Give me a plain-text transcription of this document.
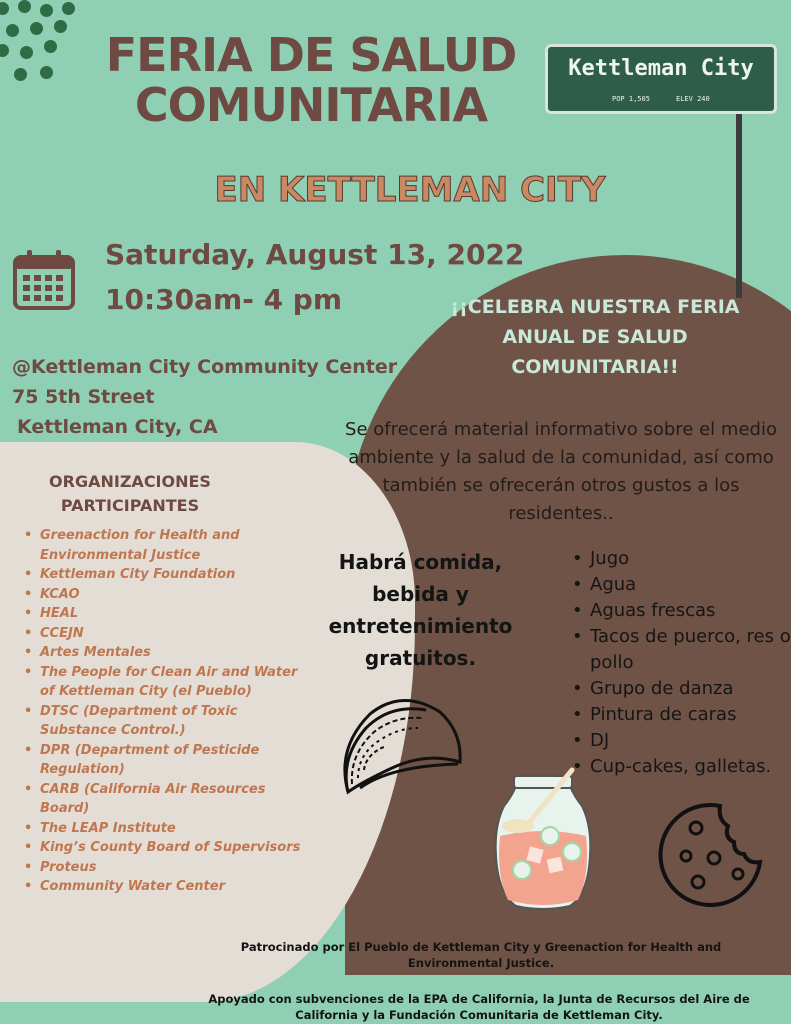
FERIA DE SALUD COMUNITARIA
EN KETTLEMAN CITY
Kettleman City
POP 1,505	ELEV 240
Saturday, August 13, 2022
10:30am- 4 pm	¡¡CELEBRA NUESTRA FERIA ANUAL DE SALUD COMUNITARIA!!
@Kettleman City Community Center
75 5th Street
Kettleman City, CA	Se ofrecerá material informativo sobre el medio ambiente y la salud de la comunidad, así como también se ofrecerán otros gustos a los residentes..
ORGANIZACIONES PARTICIPANTES
• Greenaction for Health and Environmental Justice
• Kettleman City Foundation
• KCAO
• HEAL
• CCEJN
• Artes Mentales
• The People for Clean Air and Water of Kettleman City (el Pueblo)
• DTSC (Department of Toxic Substance Control.)
• DPR (Department of Pesticide Regulation)
• CARB (California Air Resources Board)
• The LEAP Institute
• King’s County Board of Supervisors
• Proteus
• Community Water Center
Habrá comida, bebida y entretenimiento gratuitos.
• Jugo
• Agua
• Aguas frescas
• Tacos de puerco, res o pollo
• Grupo de danza
• Pintura de caras
• DJ
• Cup-cakes, galletas.
Patrocinado por El Pueblo de Kettleman City y Greenaction for Health and Environmental Justice.
Apoyado con subvenciones de la EPA de California, la Junta de Recursos del Aire de California y la Fundación Comunitaria de Kettleman City.
